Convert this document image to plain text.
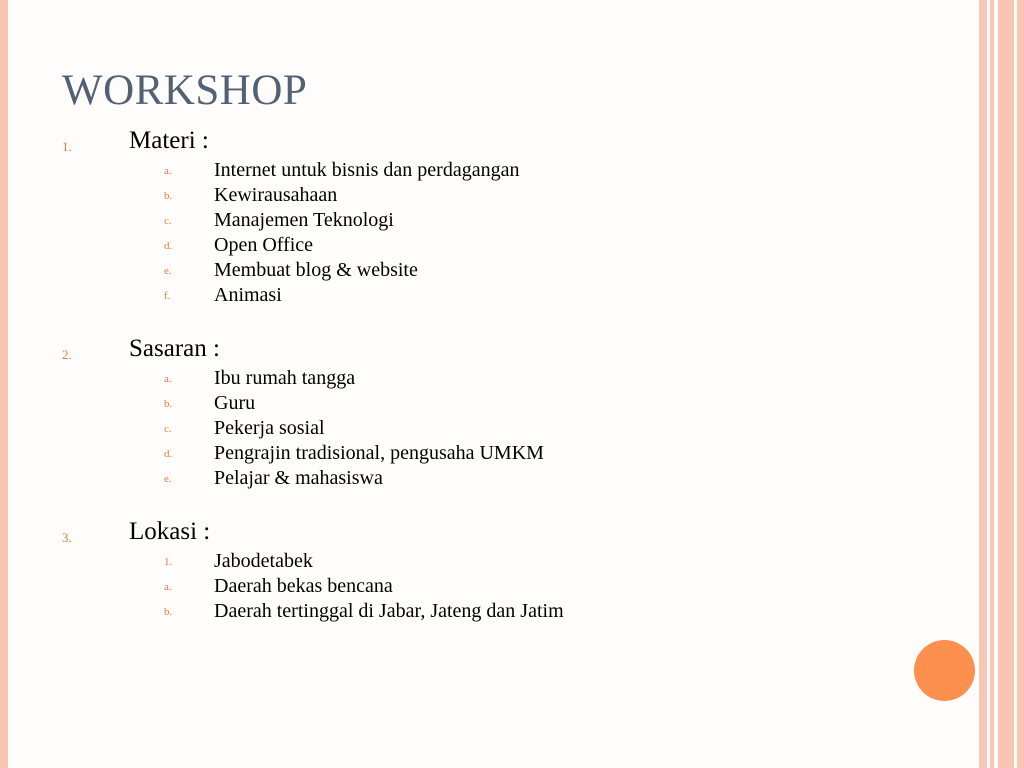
WORKSHOP
1. Materi :
a. Internet untuk bisnis dan perdagangan
b. Kewirausahaan
c. Manajemen Teknologi
d. Open Office
e. Membuat blog & website
f. Animasi
2. Sasaran :
a. Ibu rumah tangga
b. Guru
c. Pekerja sosial
d. Pengrajin tradisional, pengusaha UMKM
e. Pelajar & mahasiswa
3. Lokasi :
1. Jabodetabek
a. Daerah bekas bencana
b. Daerah tertinggal di Jabar, Jateng dan Jatim
